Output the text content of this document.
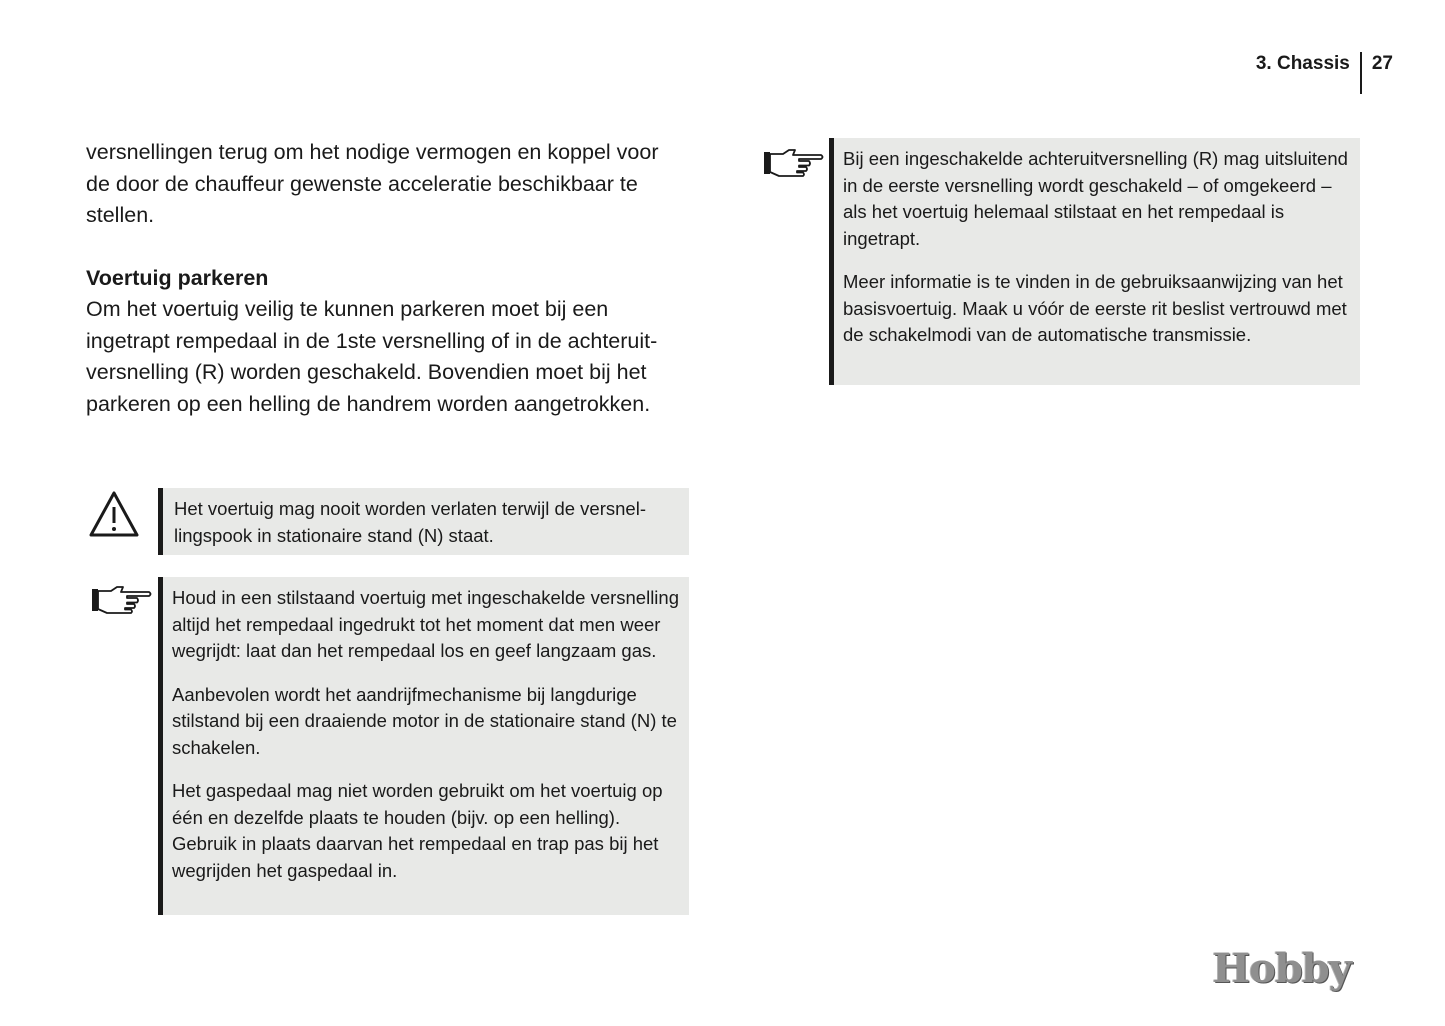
3. Chassis	27

versnellingen terug om het nodige vermogen en koppel voor de door de chauffeur gewenste acceleratie beschikbaar te stellen.

Voertuig parkeren

Om het voertuig veilig te kunnen parkeren moet bij een ingetrapt rempedaal in de 1ste versnelling of in de achteruit-versnelling (R) worden geschakeld. Bovendien moet bij het parkeren op een helling de handrem worden aangetrokken.

Het voertuig mag nooit worden verlaten terwijl de versnel-lingspook in stationaire stand (N) staat.

Houd in een stilstaand voertuig met ingeschakelde versnelling altijd het rempedaal ingedrukt tot het moment dat men weer wegrijdt: laat dan het rempedaal los en geef langzaam gas.

Aanbevolen wordt het aandrijfmechanisme bij langdurige stilstand bij een draaiende motor in de stationaire stand (N) te schakelen.

Het gaspedaal mag niet worden gebruikt om het voertuig op één en dezelfde plaats te houden (bijv. op een helling). Gebruik in plaats daarvan het rempedaal en trap pas bij het wegrijden het gaspedaal in.

Bij een ingeschakelde achteruitversnelling (R) mag uitsluitend in de eerste versnelling wordt geschakeld – of omgekeerd – als het voertuig helemaal stilstaat en het rempedaal is ingetrapt.

Meer informatie is te vinden in de gebruiksaanwijzing van het basisvoertuig. Maak u vóór de eerste rit beslist vertrouwd met de schakelmodi van de automatische transmissie.

Hobby
